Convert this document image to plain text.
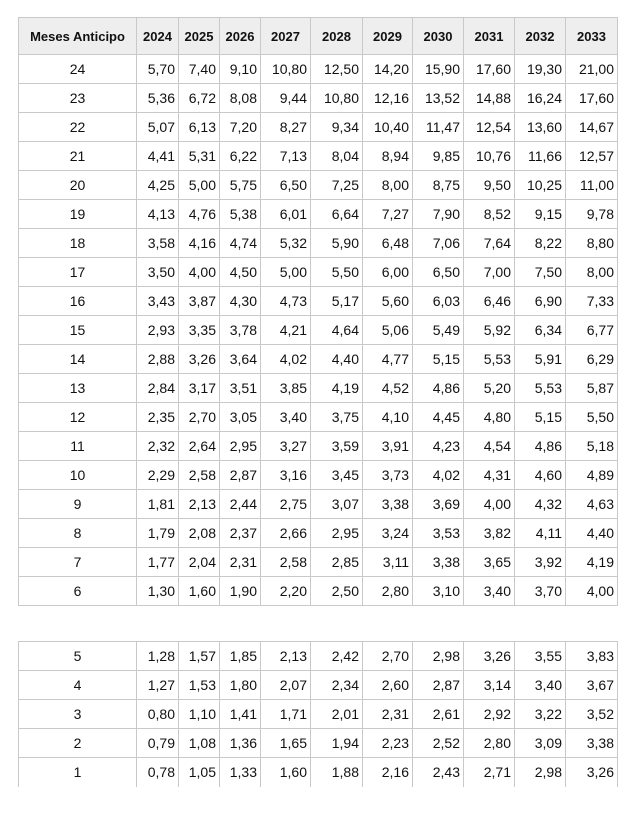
Meses Anticipo	2024	2025	2026	2027	2028	2029	2030	2031	2032	2033
24	5,70	7,40	9,10	10,80	12,50	14,20	15,90	17,60	19,30	21,00
23	5,36	6,72	8,08	9,44	10,80	12,16	13,52	14,88	16,24	17,60
22	5,07	6,13	7,20	8,27	9,34	10,40	11,47	12,54	13,60	14,67
21	4,41	5,31	6,22	7,13	8,04	8,94	9,85	10,76	11,66	12,57
20	4,25	5,00	5,75	6,50	7,25	8,00	8,75	9,50	10,25	11,00
19	4,13	4,76	5,38	6,01	6,64	7,27	7,90	8,52	9,15	9,78
18	3,58	4,16	4,74	5,32	5,90	6,48	7,06	7,64	8,22	8,80
17	3,50	4,00	4,50	5,00	5,50	6,00	6,50	7,00	7,50	8,00
16	3,43	3,87	4,30	4,73	5,17	5,60	6,03	6,46	6,90	7,33
15	2,93	3,35	3,78	4,21	4,64	5,06	5,49	5,92	6,34	6,77
14	2,88	3,26	3,64	4,02	4,40	4,77	5,15	5,53	5,91	6,29
13	2,84	3,17	3,51	3,85	4,19	4,52	4,86	5,20	5,53	5,87
12	2,35	2,70	3,05	3,40	3,75	4,10	4,45	4,80	5,15	5,50
11	2,32	2,64	2,95	3,27	3,59	3,91	4,23	4,54	4,86	5,18
10	2,29	2,58	2,87	3,16	3,45	3,73	4,02	4,31	4,60	4,89
9	1,81	2,13	2,44	2,75	3,07	3,38	3,69	4,00	4,32	4,63
8	1,79	2,08	2,37	2,66	2,95	3,24	3,53	3,82	4,11	4,40
7	1,77	2,04	2,31	2,58	2,85	3,11	3,38	3,65	3,92	4,19
6	1,30	1,60	1,90	2,20	2,50	2,80	3,10	3,40	3,70	4,00
5	1,28	1,57	1,85	2,13	2,42	2,70	2,98	3,26	3,55	3,83
4	1,27	1,53	1,80	2,07	2,34	2,60	2,87	3,14	3,40	3,67
3	0,80	1,10	1,41	1,71	2,01	2,31	2,61	2,92	3,22	3,52
2	0,79	1,08	1,36	1,65	1,94	2,23	2,52	2,80	3,09	3,38
1	0,78	1,05	1,33	1,60	1,88	2,16	2,43	2,71	2,98	3,26
